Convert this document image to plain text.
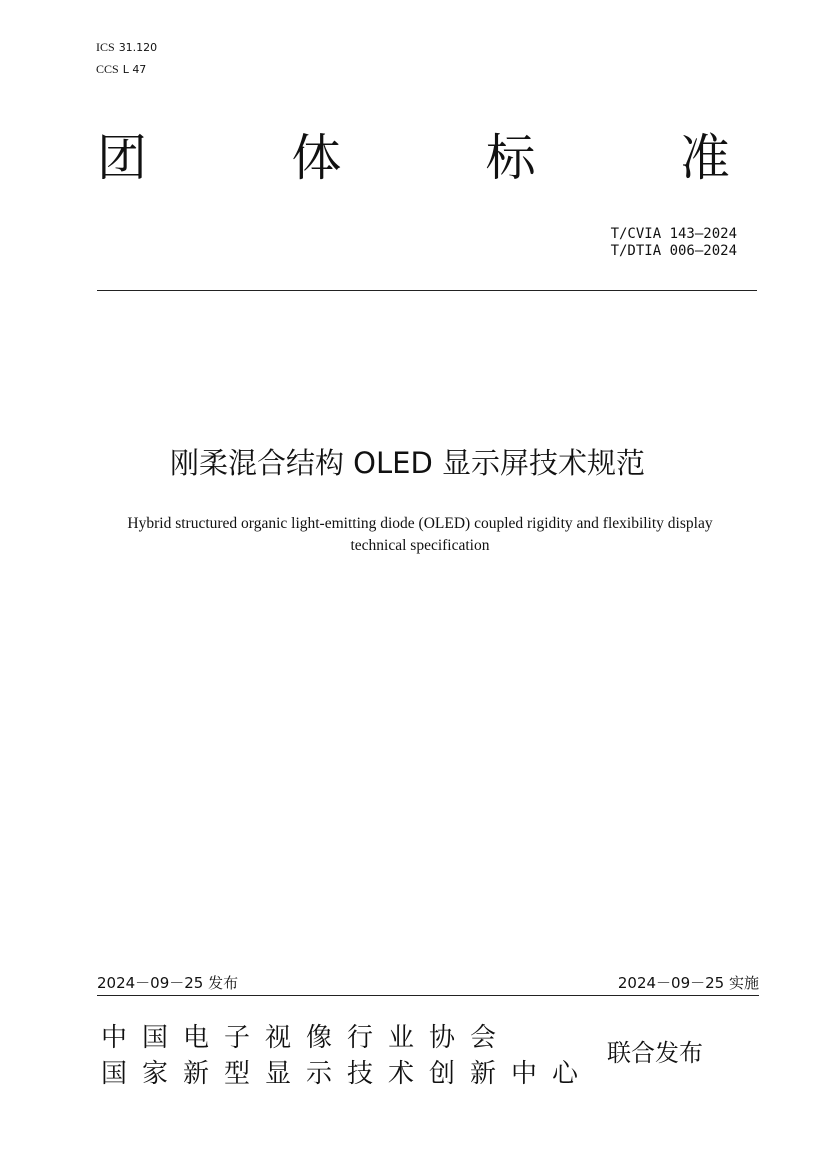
ICS 31.120
CCS L 47
团	体	标	准
T/CVIA 143—2024
T/DTIA 006—2024
刚柔混合结构 OLED 显示屏技术规范
Hybrid structured organic light-emitting diode (OLED) coupled rigidity and flexibility display technical specification
2024－09－25 发布	2024－09－25 实施
中国电子视像行业协会
国家新型显示技术创新中心
联合发布
